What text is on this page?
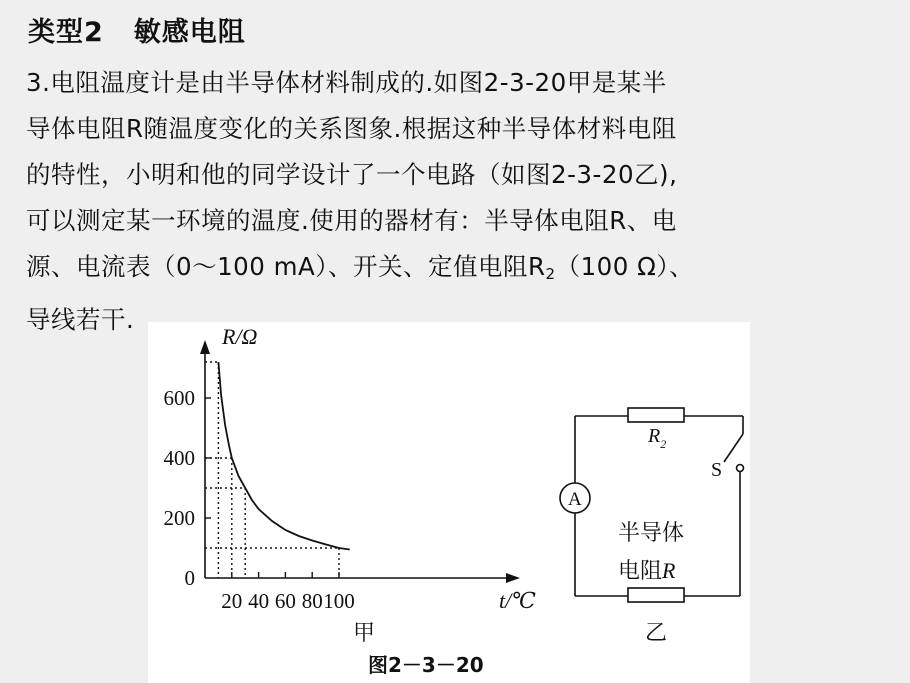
类型2 敏感电阻
3.电阻温度计是由半导体材料制成的.如图2-3-20甲是某半
导体电阻R随温度变化的关系图象.根据这种半导体材料电阻
的特性，小明和他的同学设计了一个电路（如图2-3-20乙),
可以测定某一环境的温度.使用的器材有：半导体电阻R、电
源、电流表（0～100 mA）、开关、定值电阻$R_2(100$ Ω）、
导线若干.
0
200
400
600
20 40 60 80 100
R/Ω
t/℃
甲
A
$R_2$
S
半导体
电阻R
乙
图2－3－20
